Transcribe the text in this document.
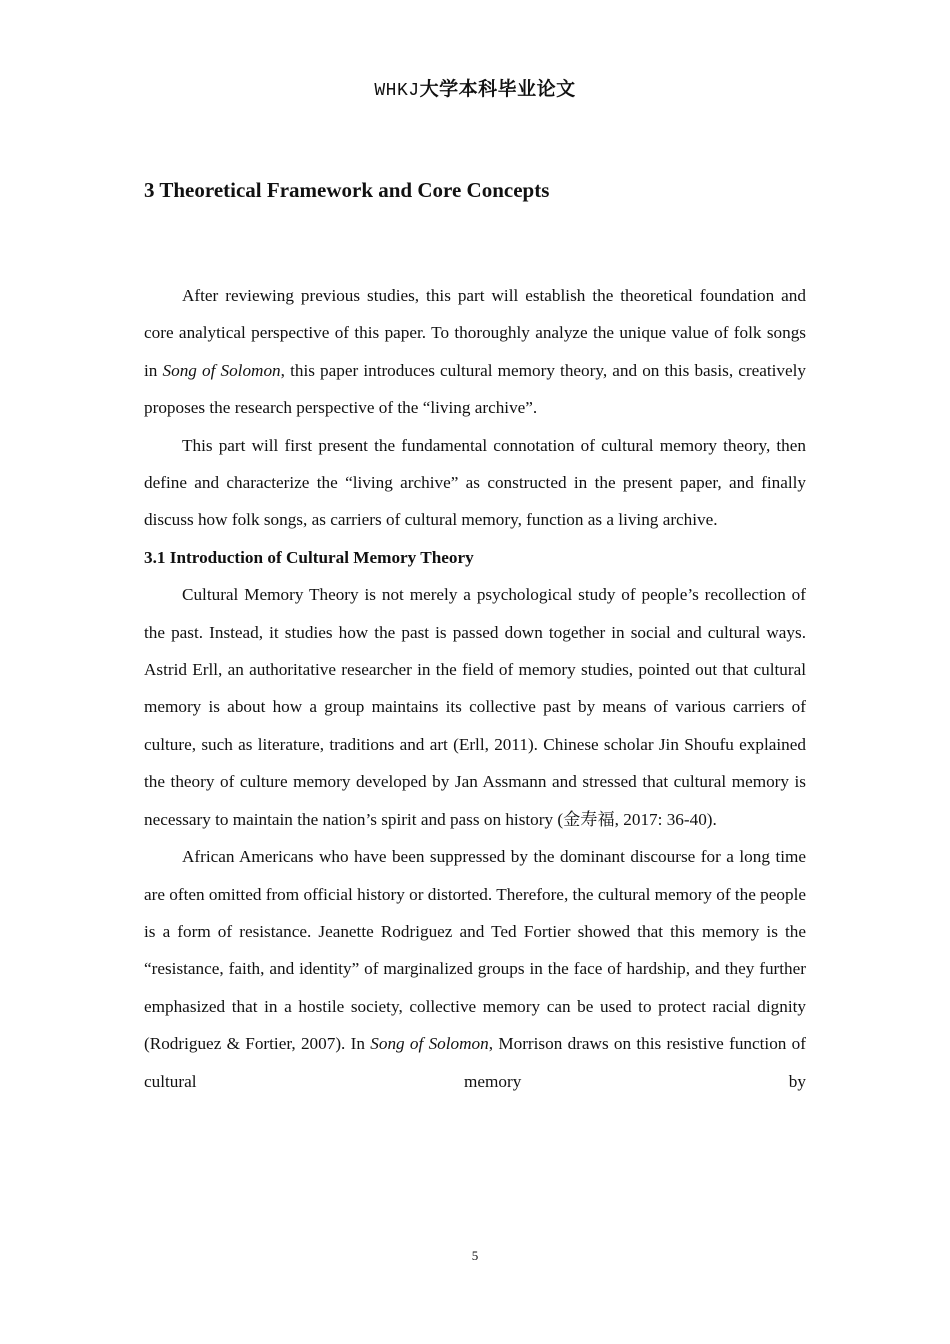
WHKJ大学本科毕业论文
3 Theoretical Framework and Core Concepts

After reviewing previous studies, this part will establish the theoretical foundation and core analytical perspective of this paper. To thoroughly analyze the unique value of folk songs in Song of Solomon, this paper introduces cultural memory theory, and on this basis, creatively proposes the research perspective of the “living archive”.

This part will first present the fundamental connotation of cultural memory theory, then define and characterize the “living archive” as constructed in the present paper, and finally discuss how folk songs, as carriers of cultural memory, function as a living archive.

3.1 Introduction of Cultural Memory Theory

Cultural Memory Theory is not merely a psychological study of people’s recollection of the past. Instead, it studies how the past is passed down together in social and cultural ways. Astrid Erll, an authoritative researcher in the field of memory studies, pointed out that cultural memory is about how a group maintains its collective past by means of various carriers of culture, such as literature, traditions and art (Erll, 2011). Chinese scholar Jin Shoufu explained the theory of culture memory developed by Jan Assmann and stressed that cultural memory is necessary to maintain the nation’s spirit and pass on history (金寿福, 2017: 36-40).

African Americans who have been suppressed by the dominant discourse for a long time are often omitted from official history or distorted. Therefore, the cultural memory of the people is a form of resistance. Jeanette Rodriguez and Ted Fortier showed that this memory is the “resistance, faith, and identity” of marginalized groups in the face of hardship, and they further emphasized that in a hostile society, collective memory can be used to protect racial dignity (Rodriguez & Fortier, 2007). In Song of Solomon, Morrison draws on this resistive function of cultural memory by

5
